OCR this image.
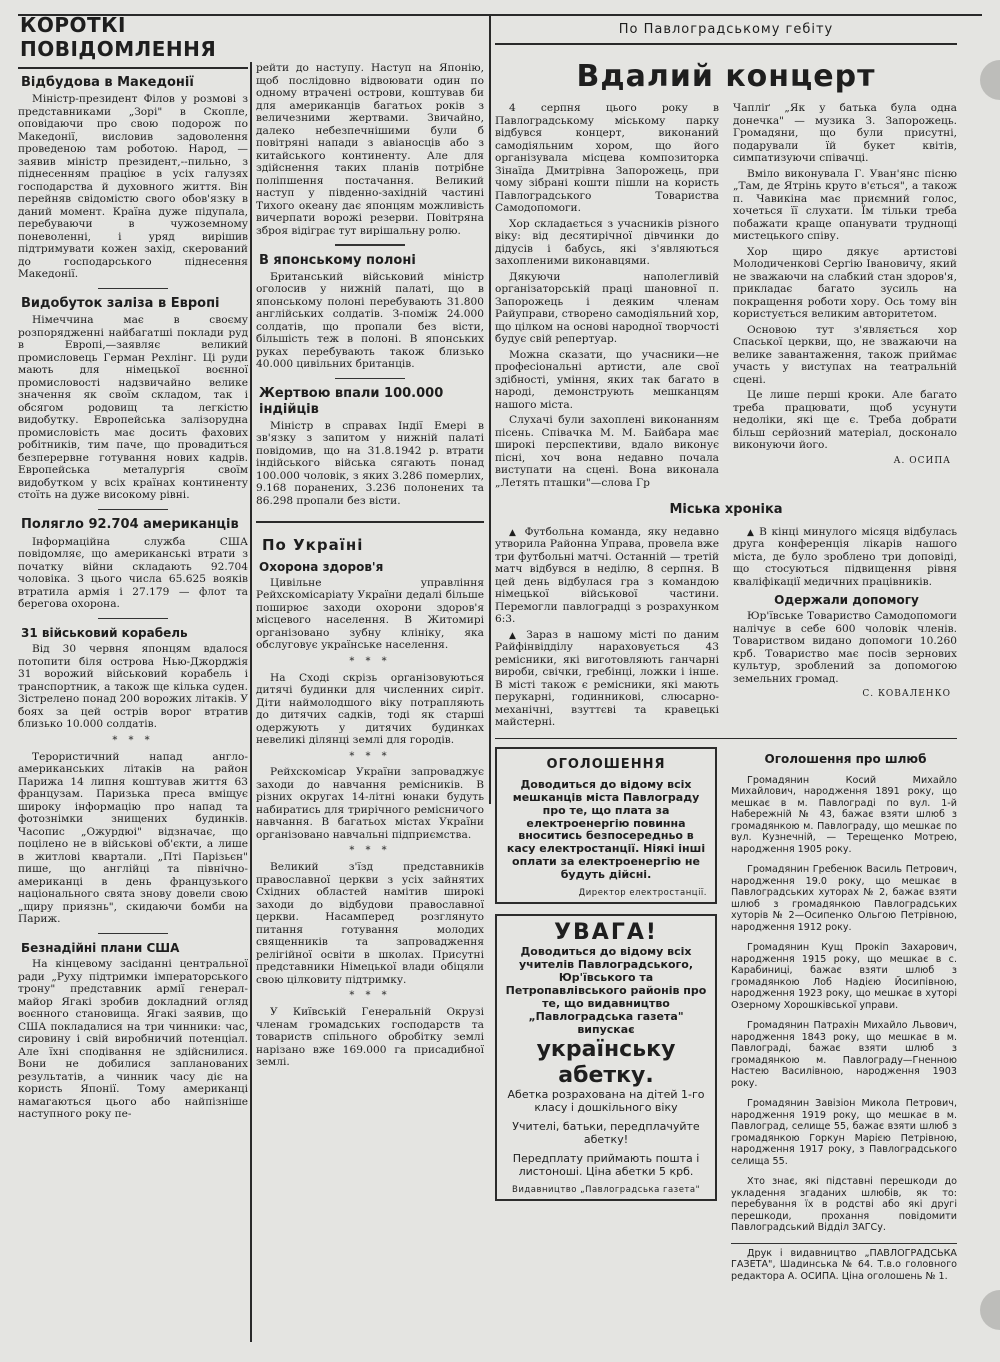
КОРОТКІ ПОВІДОМЛЕННЯ
Відбудова в Македонії

Міністр-президент Філов у розмові з представниками „Зорі" в Скопле, оповідаючи про свою подорож по Македонії, висловив задоволення проведеною там роботою. Народ, — заявив міністр президент,--пильно, з піднесенням праціює в усіх галузях господарства й духовного життя. Він перейняв свідомістю свого обов'язку в даний момент. Країна дуже підупала, перебуваючи в чужоземному поневоленні, і уряд вирішив підтримувати кожен захід, скерований до господарського піднесення Македонії.

Видобуток заліза в Европі

Німеччина має в своєму розпорядженні найбагатші поклади руд в Европі,—заявляє великий промисловець Герман Рехлінг. Ці руди мають для німецької воєнної промисловості надзвичайно велике значення як своїм складом, так і обсягом родовищ та легкістю видобутку. Европейська залізорудна промисловість має досить фахових робітників, тим паче, що провадиться безперервне готування нових кадрів. Европейська металургія своїм видобутком у всіх країнах континенту стоїть на дуже високому рівні.

Полягло 92.704 американців

Інформаційна служба США повідомляє, що американські втрати з початку війни складають 92.704 чоловіка. З цього числа 65.625 вояків втратила армія і 27.179 — флот та берегова охорона.

31 військовий корабель

Від 30 червня японцям вдалося потопити біля острова Нью-Джорджія 31 ворожий військовий корабель і транспортник, а також ще кілька суден. Зістрелено понад 200 ворожих літаків. У боях за цей острів ворог втратив близько 10.000 солдатів.

* * *

Терористичний напад англо-американських літаків на район Парижа 14 липня коштував життя 63 французам. Паризька преса вміщує широку інформацію про напад та фотознімки знищених будинків. Часопис „Ожурдюі" відзначає, що поцілено не в військові об'єкти, а лише в житлові квартали. „Пті Парізьєн" пише, що англійці та північно-американці в день французького національного свята знову довели свою „щиру приязнь", скидаючи бомби на Париж.

Безнадійні плани США

На кінцевому засіданні центральної ради „Руху підтримки імператорського трону" представник армії генерал-майор Ягакі зробив докладний огляд воєнного становища. Ягакі заявив, що США покладалися на три чинники: час, сировину і свій виробничий потенціал. Але їхні сподівання не здійснилися. Вони не добилися запланованих результатів, а чинник часу діє на користь Японії. Тому американці намагаються цього або найпізніше наступного року пе-

рейти до наступу. Наступ на Японію, щоб послідовно відвоювати один по одному втрачені острови, коштував би для американців багатьох років з величезними жертвами. Звичайно, далеко небезпечнішими були б повітряні напади з авіаносців або з китайського континенту. Але для здійснення таких планів потрібне поліпшення постачання. Великий наступ у південно-західній частині Тихого океану дає японцям можливість вичерпати ворожі резерви. Повітряна зброя відіграє тут вирішальну ролю.

В японському полоні

Британський військовий міністр оголосив у нижній палаті, що в японському полоні перебувають 31.800 англійських солдатів. З-поміж 24.000 солдатів, що пропали без вісти, більшість теж в полоні. В японських руках перебувають також близько 40.000 цивільних британців.

Жертвою впали 100.000 індійців

Міністр в справах Індії Емері в зв'язку з запитом у нижній палаті повідомив, що на 31.8.1942 р. втрати індійського війська сягають понад 100.000 чоловік, з яких 3.286 померлих, 9.168 поранених, 3.236 полонених та 86.298 пропали без вісти.

По Україні
Охорона здоров'я

Цивільне управління Рейхскомісаріату України дедалі більше поширює заходи охорони здоров'я місцевого населення. В Житомирі організовано зубну клініку, яка обслуговує українське населення.

* * *

На Сході скрізь організовуються дитячі будинки для численних сиріт. Діти наймолодшого віку потрапляють до дитячих садків, тоді як старші одержують у дитячих будинках невеликі ділянці землі для городів.

* * *

Рейхскомісар України запроваджує заходи до навчання ремісників. В різних округах 14-літні юнаки будуть набиратись для трирічного ремісничого навчання. В багатьох містах України організовано навчальні підприємства.

* * *

Великий з'їзд представників православної церкви з усіх зайнятих Східних областей намітив широкі заходи до відбудови православної церкви. Насамперед розглянуто питання готування молодих священників та запровадження релігійної освіти в школах. Присутні представники Німецької влади обіцяли свою цілковиту підтримку.

* * *

У Київській Генеральній Окрузі членам громадських господарств та товариств спільного обробітку землі нарізано вже 169.000 га присадибної землі.

По Павлоградському гебіту
Вдалий концерт

4 серпня цього року в Павлоградському міському парку відбувся концерт, виконаний самодіяльним хором, що його організувала місцева композиторка Зінаїда Дмитрівна Запорожець, при чому зібрані кошти пішли на користь Павлоградського Товариства Самодопомоги.

Хор складається з учасників різного віку: від десятирічної дівчинки до дідусів і бабусь, які з'являються захопленими виконавцями.

Дякуючи наполегливій організаторській праці шановної п. Запорожець і деяким членам Райуправи, створено самодіяльний хор, що цілком на основі народної творчості будує свій репертуар.

Можна сказати, що учасники—не професіональні артисти, але свої здібності, уміння, яких так багато в народі, демонструють мешканцям нашого міста.

Слухачі були захоплені виконанням пісень. Співачка М. М. Байбара має широкі перспективи, вдало виконує пісні, хоч вона недавно почала виступати на сцені. Вона виконала „Летять пташки"—слова Гр

Чапліґ „Як у батька була одна донечка" — музика З. Запорожець. Громадяни, що були присутні, подарували їй букет квітів, симпатизуючи співачці.

Вміло виконувала Г. Уван'янс пісню „Там, де Ятрінь круто в'ється", а також п. Чавикіна має приємний голос, хочеться її слухати. Їм тільки треба побажати краще опанувати труднощі мистецького співу.

Хор щиро дякує артистові Молодиченкові Сергію Івановичу, який не зважаючи на слабкий стан здоров'я, прикладає багато зусиль на покращення роботи хору. Ось тому він користується великим авторитетом.

Основою тут з'являється хор Спаської церкви, що, не зважаючи на велике завантаження, також приймає участь у виступах на театральній сцені.

Це лише перші кроки. Але багато треба працювати, щоб усунути недоліки, які ще є. Треба добрати більш серйозний матеріал, досконало виконуючи його.

А. ОСИПА
Міська хроніка

▲ Футбольна команда, яку недавно утворила Районна Управа, провела вже три футбольні матчі. Останній — третій матч відбувся в неділю, 8 серпня. В цей день відбулася гра з командою німецької військової частини. Перемогли павлоградці з розрахунком 6:3.

▲ Зараз в нашому місті по даним Райфінвідділу нараховується 43 ремісники, які виготовляють ганчарні вироби, свічки, гребінці, ложки і інше. В місті також є ремісники, які мають перукарні, годинникові, слюсарно-механічні, взуттєві та кравецькі майстерні.

▲ В кінці минулого місяця відбулась друга конференція лікарів нашого міста, де було зроблено три доповіді, що стосуються підвищення рівня кваліфікації медичних працівників.

Одержали допомогу

Юр'ївське Товариство Самодопомоги налічує в себе 600 чоловік членів. Товариством видано допомоги 10.260 крб. Товариство має посів зернових культур, зроблений за допомогою земельних громад.

С. КОВАЛЕНКО

ОГОЛОШЕННЯ

Доводиться до відому всіх мешканців міста Павлограду про те, що плата за електроенергію повинна вноситись безпосередньо в касу електростанції. Ніякі інші оплати за електроенергію не будуть дійсні.

Директор електростанції.

УВАГА!

Доводиться до відому всіх учителів Павлоградського, Юр'ївського та Петропавлівського районів про те, що видавництво „Павлоградська газета" випускає

українську абетку.

Абетка розрахована на дітей 1-го класу і дошкільного віку

Учителі, батьки, передплачуйте абетку!

Передплату приймають пошта і листоноші. Ціна абетки 5 крб.

Видавництво „Павлоградська газета"

Оголошення про шлюб

Громадянин Косий Михайло Михайлович, народження 1891 року, що мешкає в м. Павлограді по вул. 1-й Набережній № 43, бажає взяти шлюб з громадянкою м. Павлограду, що мешкає по вул. Кузнечній, — Терещенко Мотрею, народження 1905 року.

Громадянин Гребенюк Василь Петрович, народження 19.0 року, що мешкає в Павлоградських хуторах № 2, бажає взяти шлюб з громадянкою Павлоградських хуторів № 2—Осипенко Ольгою Петрівною, народження 1912 року.

Громадянин Кущ Прокіп Захарович, народження 1915 року, що мешкає в с. Карабиниці, бажає взяти шлюб з громадянкою Лоб Надією Йосипівною, народження 1923 року, що мешкає в хуторі Озерному Хорошківської управи.

Громадянин Патрахін Михайло Львович, народження 1843 року, що мешкає в м. Павлограді, бажає взяти шлюб з громадянкою м. Павлограду—Гненною Настею Василівною, народження 1903 року.

Громадянин Завізіон Микола Петрович, народження 1919 року, що мешкає в м. Павлоград, селище 55, бажає взяти шлюб з громадянкою Горкун Марією Петрівною, народження 1917 року, з Павлоградського селища 55.

Хто знає, які підставні перешкоди до укладення згаданих шлюбів, як то: перебування їх в родстві або які другі перешкоди, прохання повідомити Павлоградський Відділ ЗАГСу.

Друк і видавництво „ПАВЛОГРАДСЬКА ГАЗЕТА", Шадинська № 64. Т.в.о головного редактора А. ОСИПА. Ціна оголошень № 1.
